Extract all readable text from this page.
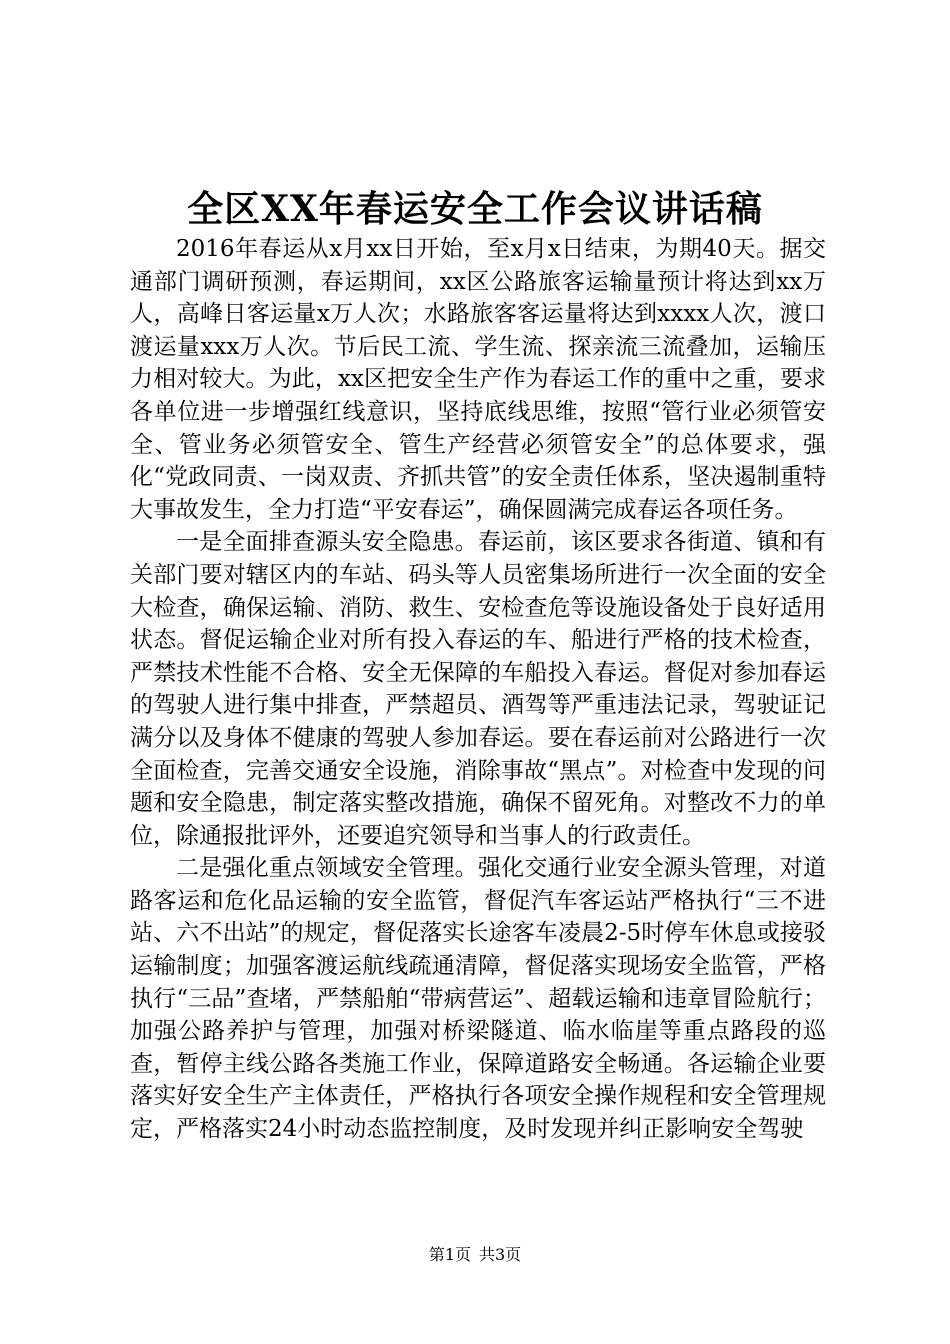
全区XX年春运安全工作会议讲话稿

2016年春运从x月xx日开始，至x月x日结束，为期40天。据交通部门调研预测，春运期间，xx区公路旅客运输量预计将达到xx万人，高峰日客运量x万人次；水路旅客客运量将达到xxxx人次，渡口渡运量xxx万人次。节后民工流、学生流、探亲流三流叠加，运输压力相对较大。为此，xx区把安全生产作为春运工作的重中之重，要求各单位进一步增强红线意识，坚持底线思维，按照“管行业必须管安全、管业务必须管安全、管生产经营必须管安全”的总体要求，强化“党政同责、一岗双责、齐抓共管”的安全责任体系，坚决遏制重特大事故发生，全力打造“平安春运”，确保圆满完成春运各项任务。

一是全面排查源头安全隐患。春运前，该区要求各街道、镇和有关部门要对辖区内的车站、码头等人员密集场所进行一次全面的安全大检查，确保运输、消防、救生、安检查危等设施设备处于良好适用状态。督促运输企业对所有投入春运的车、船进行严格的技术检查，严禁技术性能不合格、安全无保障的车船投入春运。督促对参加春运的驾驶人进行集中排查，严禁超员、酒驾等严重违法记录，驾驶证记满分以及身体不健康的驾驶人参加春运。要在春运前对公路进行一次全面检查，完善交通安全设施，消除事故“黑点”。对检查中发现的问题和安全隐患，制定落实整改措施，确保不留死角。对整改不力的单位，除通报批评外，还要追究领导和当事人的行政责任。

二是强化重点领域安全管理。强化交通行业安全源头管理，对道路客运和危化品运输的安全监管，督促汽车客运站严格执行“三不进站、六不出站”的规定，督促落实长途客车凌晨2-5时停车休息或接驳运输制度；加强客渡运航线疏通清障，督促落实现场安全监管，严格执行“三品”查堵，严禁船舶“带病营运”、超载运输和违章冒险航行；加强公路养护与管理，加强对桥梁隧道、临水临崖等重点路段的巡查，暂停主线公路各类施工作业，保障道路安全畅通。各运输企业要落实好安全生产主体责任，严格执行各项安全操作规程和安全管理规定，严格落实24小时动态监控制度，及时发现并纠正影响安全驾驶

第1页 共3页
